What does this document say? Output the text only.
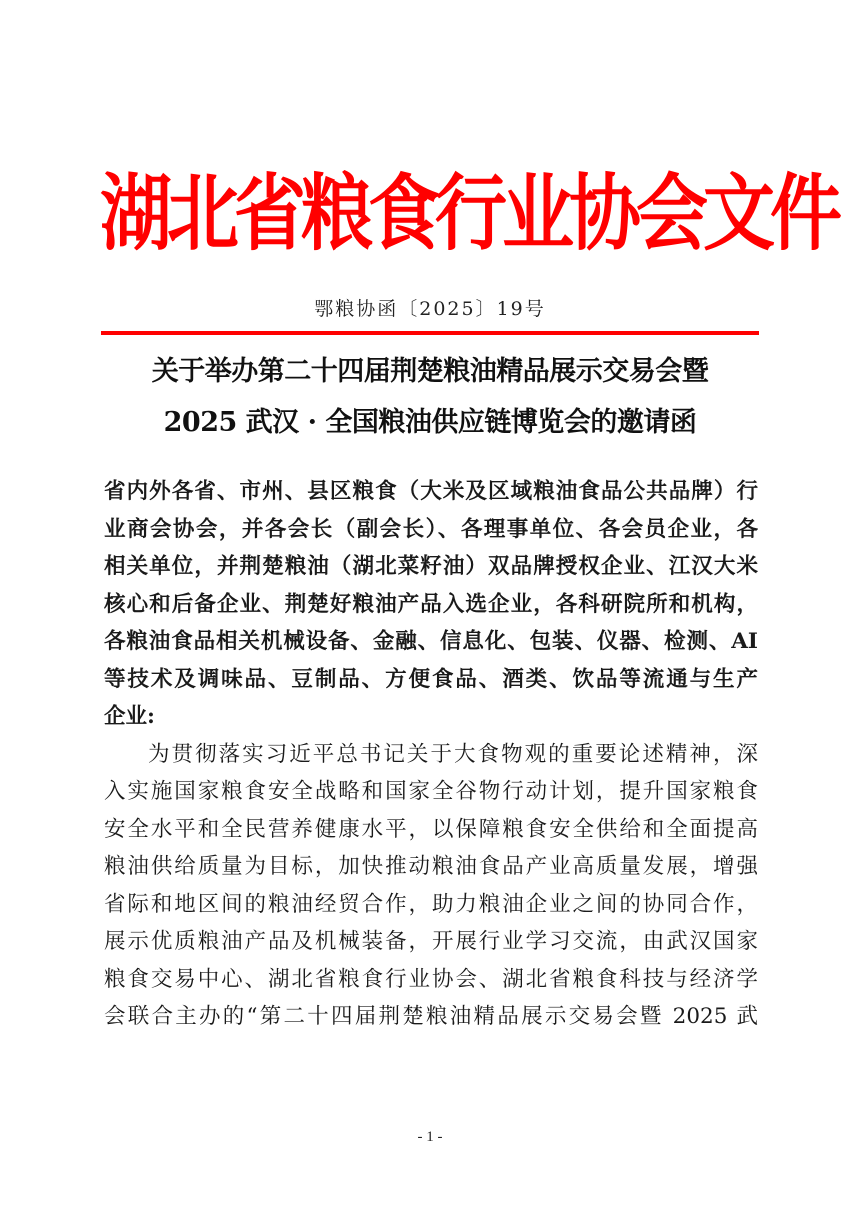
湖北省粮食行业协会文件
鄂粮协函〔2025〕19号
关于举办第二十四届荆楚粮油精品展示交易会暨
2025 武汉 · 全国粮油供应链博览会的邀请函
省内外各省、市州、县区粮食（大米及区域粮油食品公共品牌）行
业商会协会，并各会长（副会长）、各理事单位、各会员企业，各
相关单位，并荆楚粮油（湖北菜籽油）双品牌授权企业、江汉大米
核心和后备企业、荆楚好粮油产品入选企业，各科研院所和机构，
各粮油食品相关机械设备、金融、信息化、包装、仪器、检测、AI
等技术及调味品、豆制品、方便食品、酒类、饮品等流通与生产
企业:
为贯彻落实习近平总书记关于大食物观的重要论述精神，深
入实施国家粮食安全战略和国家全谷物行动计划，提升国家粮食
安全水平和全民营养健康水平，以保障粮食安全供给和全面提高
粮油供给质量为目标，加快推动粮油食品产业高质量发展，增强
省际和地区间的粮油经贸合作，助力粮油企业之间的协同合作，
展示优质粮油产品及机械装备，开展行业学习交流，由武汉国家
粮食交易中心、湖北省粮食行业协会、湖北省粮食科技与经济学
会联合主办的“第二十四届荆楚粮油精品展示交易会暨 2025 武
- 1 -
